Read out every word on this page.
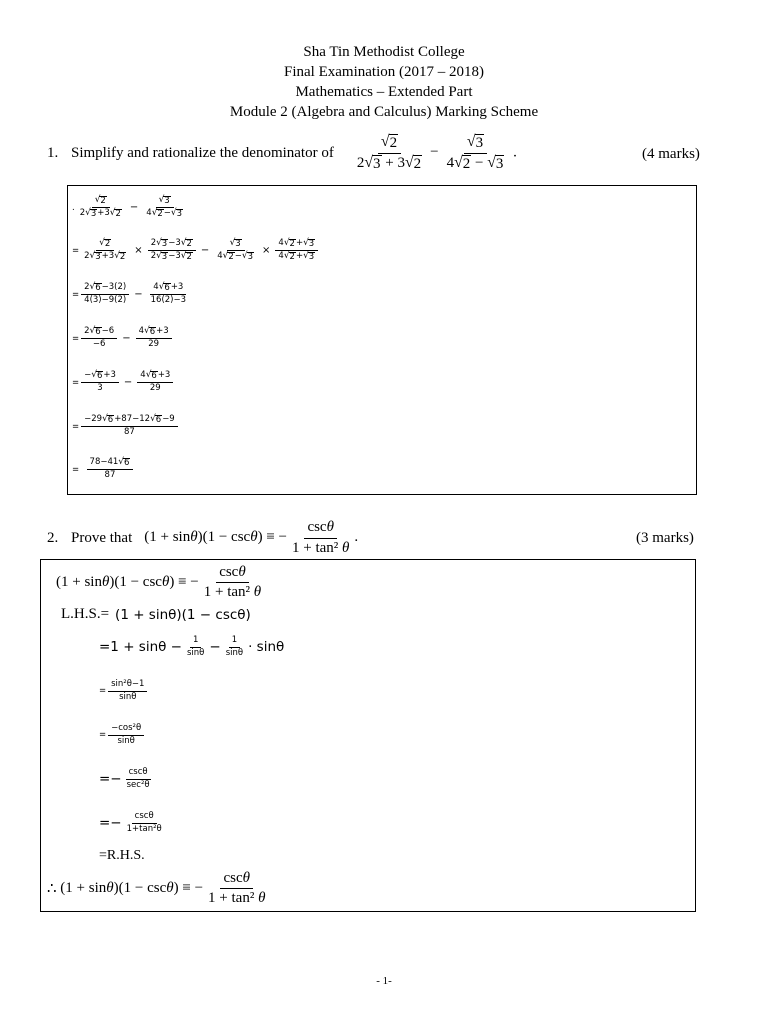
Sha Tin Methodist College
Final Examination (2017 – 2018)
Mathematics – Extended Part
Module 2 (Algebra and Calculus) Marking Scheme
1. Simplify and rationalize the denominator of $\frac{√ 2}{2 √ 3 + 3 √ 2} - \frac{√ 3}{4 √ 2 - √ 3}$ .	(4 marks)
. $\frac{√ 2}{2 √ 3 +3 √ 2} - \frac{√ 3}{4 √ 2 - √ 3}$
= $\frac{√ 2}{2 √ 3 +3 √ 2} \times \frac{2 √ 3 -3 √ 2}{2 √ 3 -3 √ 2} - \frac{√ 3}{4 √ 2 - √ 3} \times \frac{4 √ 2 + √ 3}{4 √ 2 + √ 3}$
= $\frac{2 √ 6 -3(2)}{4(3)-9(2)} - \frac{4 √ 6 +3}{16(2)-3}$
= $\frac{2 √ 6 -6}{-6} - \frac{4 √ 6 +3}{29}$
= $\frac{- √ 6 +3}{3} - \frac{4 √ 6 +3}{29}$
= $\frac{-29 √ 6 +87-12 √ 6 -9}{87}$
= $\frac{78-41 √ 6}{87}$
2. Prove that (1 + sinθ)(1 − cscθ) ≡ − $\frac{\csc\theta}{\text{1 + tan² θ}}$ .	(3 marks)
(1 + sin θ )(1 − csc θ ) ≡ − $\frac{\csc\theta}{\text{1 + tan² θ}}$
L.H.S.= (1 + sinθ)(1 − cscθ)
$=1 + \sin\theta - \frac{1}{\sin\theta} - \frac{1}{\sin\theta} \cdot \sin\theta$
= $\frac{\text{sin²θ−1}}{\sin\theta}$
= $\frac{\text{−cos²θ}}{\sin\theta}$
=− $\frac{\csc\theta}{\text{sec²θ}}$
=− $\frac{\csc\theta}{\text{1+tan²θ}}$
=R.H.S.
∴ (1 + sin θ )(1 − csc θ ) ≡ − $\frac{\csc\theta}{\text{1 + tan² θ}}$
- 1-
